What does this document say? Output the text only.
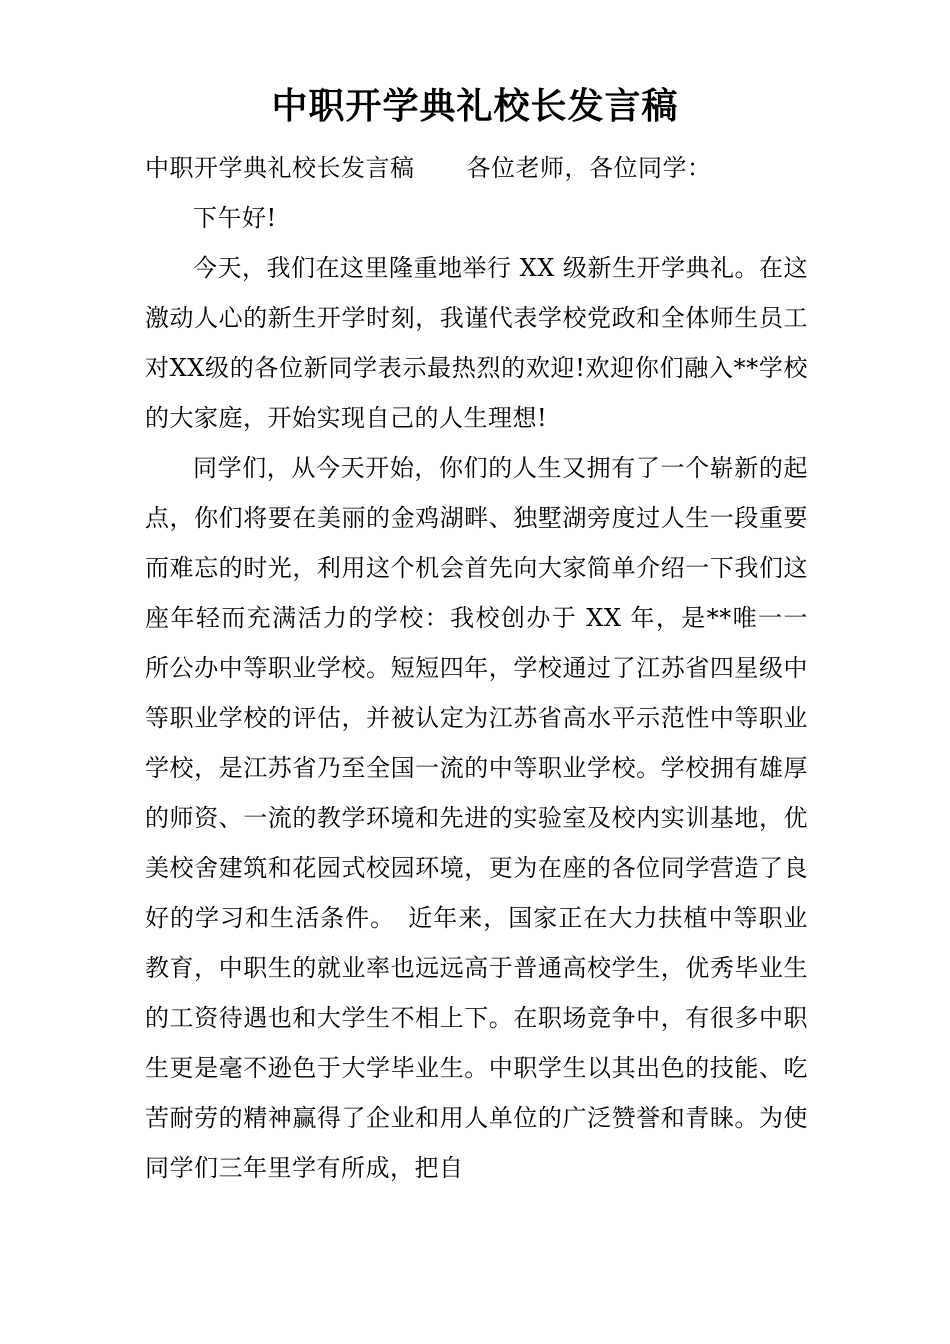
中职开学典礼校长发言稿

中职开学典礼校长发言稿 各位老师，各位同学：

下午好!

今天，我们在这里隆重地举行 XX 级新生开学典礼。在这激动人心的新生开学时刻，我谨代表学校党政和全体师生员工对XX级的各位新同学表示最热烈的欢迎!欢迎你们融入**学校的大家庭，开始实现自己的人生理想!

同学们，从今天开始，你们的人生又拥有了一个崭新的起点，你们将要在美丽的金鸡湖畔、独墅湖旁度过人生一段重要而难忘的时光，利用这个机会首先向大家简单介绍一下我们这座年轻而充满活力的学校：我校创办于 XX 年，是**唯一一所公办中等职业学校。短短四年，学校通过了江苏省四星级中等职业学校的评估，并被认定为江苏省高水平示范性中等职业学校，是江苏省乃至全国一流的中等职业学校。学校拥有雄厚的师资、一流的教学环境和先进的实验室及校内实训基地，优美校舍建筑和花园式校园环境，更为在座的各位同学营造了良好的学习和生活条件。　近年来，国家正在大力扶植中等职业教育，中职生的就业率也远远高于普通高校学生，优秀毕业生的工资待遇也和大学生不相上下。在职场竞争中，有很多中职生更是毫不逊色于大学毕业生。中职学生以其出色的技能、吃苦耐劳的精神赢得了企业和用人单位的广泛赞誉和青睐。为使同学们三年里学有所成，把自
